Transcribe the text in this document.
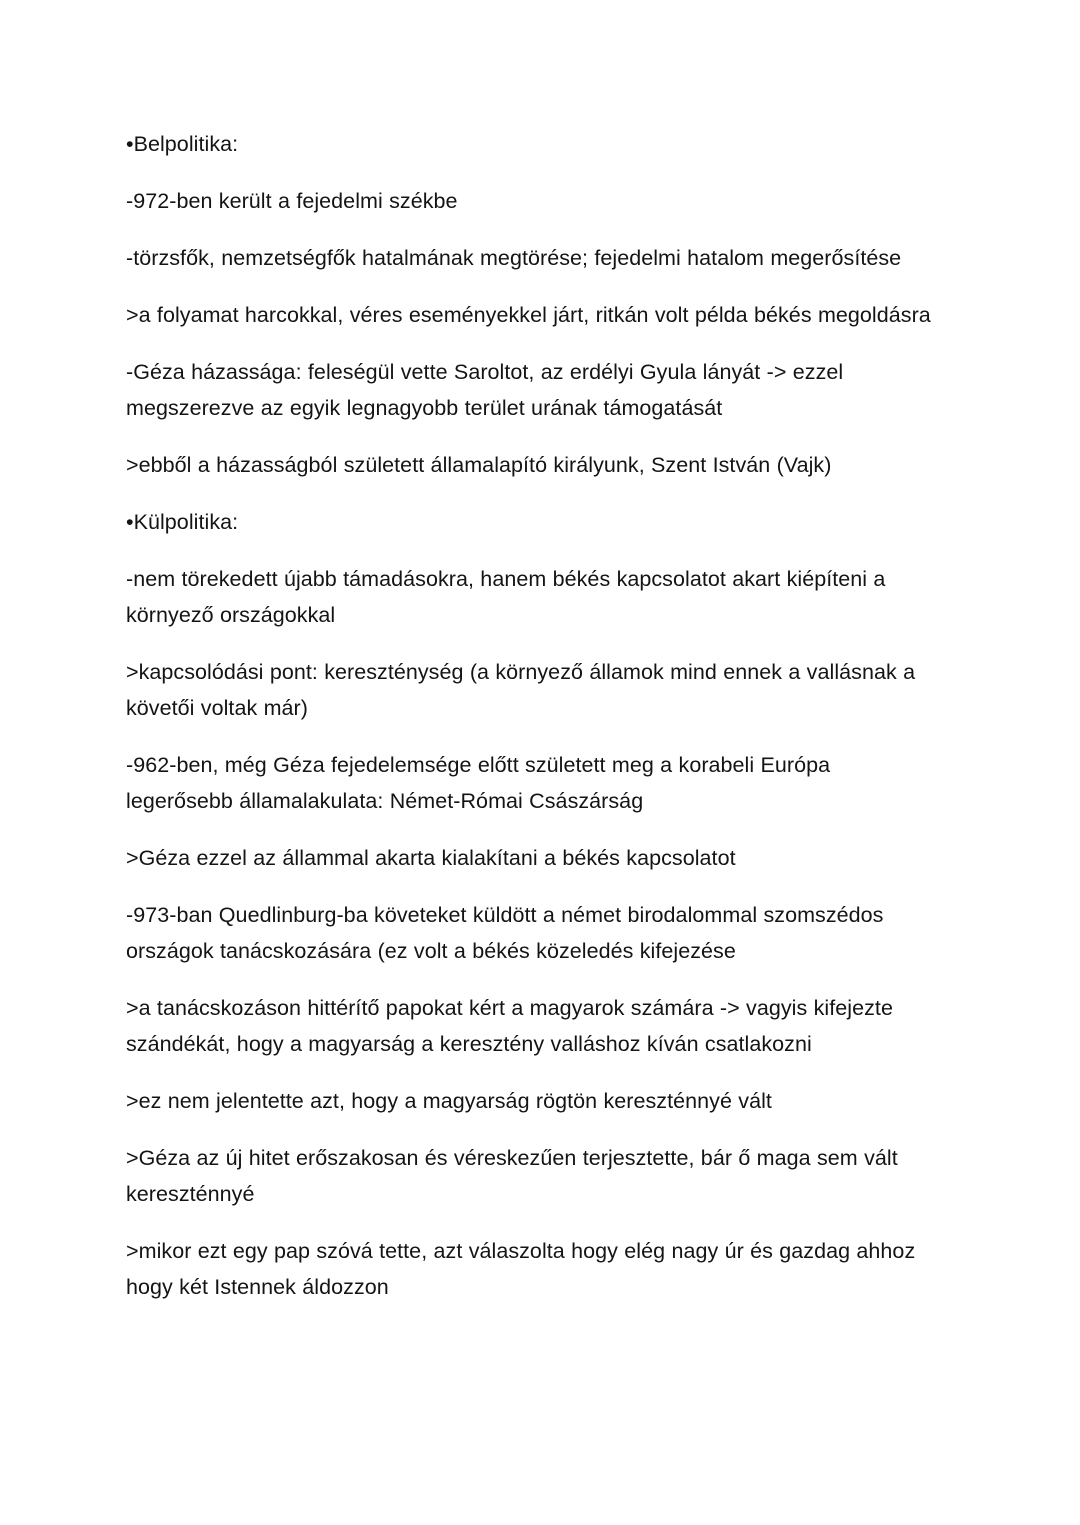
•Belpolitika:

-972-ben került a fejedelmi székbe

-törzsfők, nemzetségfők hatalmának megtörése; fejedelmi hatalom megerősítése

>a folyamat harcokkal, véres eseményekkel járt, ritkán volt példa békés megoldásra

-Géza házassága: feleségül vette Saroltot, az erdélyi Gyula lányát -> ezzel megszerezve az egyik legnagyobb terület urának támogatását

>ebből a házasságból született államalapító királyunk, Szent István (Vajk)

•Külpolitika:

-nem törekedett újabb támadásokra, hanem békés kapcsolatot akart kiépíteni a környező országokkal

>kapcsolódási pont: kereszténység (a környező államok mind ennek a vallásnak a követői voltak már)

-962-ben, még Géza fejedelemsége előtt született meg a korabeli Európa legerősebb államalakulata: Német-Római Császárság

>Géza ezzel az állammal akarta kialakítani a békés kapcsolatot

-973-ban Quedlinburg-ba követeket küldött a német birodalommal szomszédos országok tanácskozására (ez volt a békés közeledés kifejezése

>a tanácskozáson hittérítő papokat kért a magyarok számára -> vagyis kifejezte szándékát, hogy a magyarság a keresztény valláshoz kíván csatlakozni

>ez nem jelentette azt, hogy a magyarság rögtön kereszténnyé vált

>Géza az új hitet erőszakosan és véreskezűen terjesztette, bár ő maga sem vált kereszténnyé

>mikor ezt egy pap szóvá tette, azt válaszolta hogy elég nagy úr és gazdag ahhoz hogy két Istennek áldozzon
